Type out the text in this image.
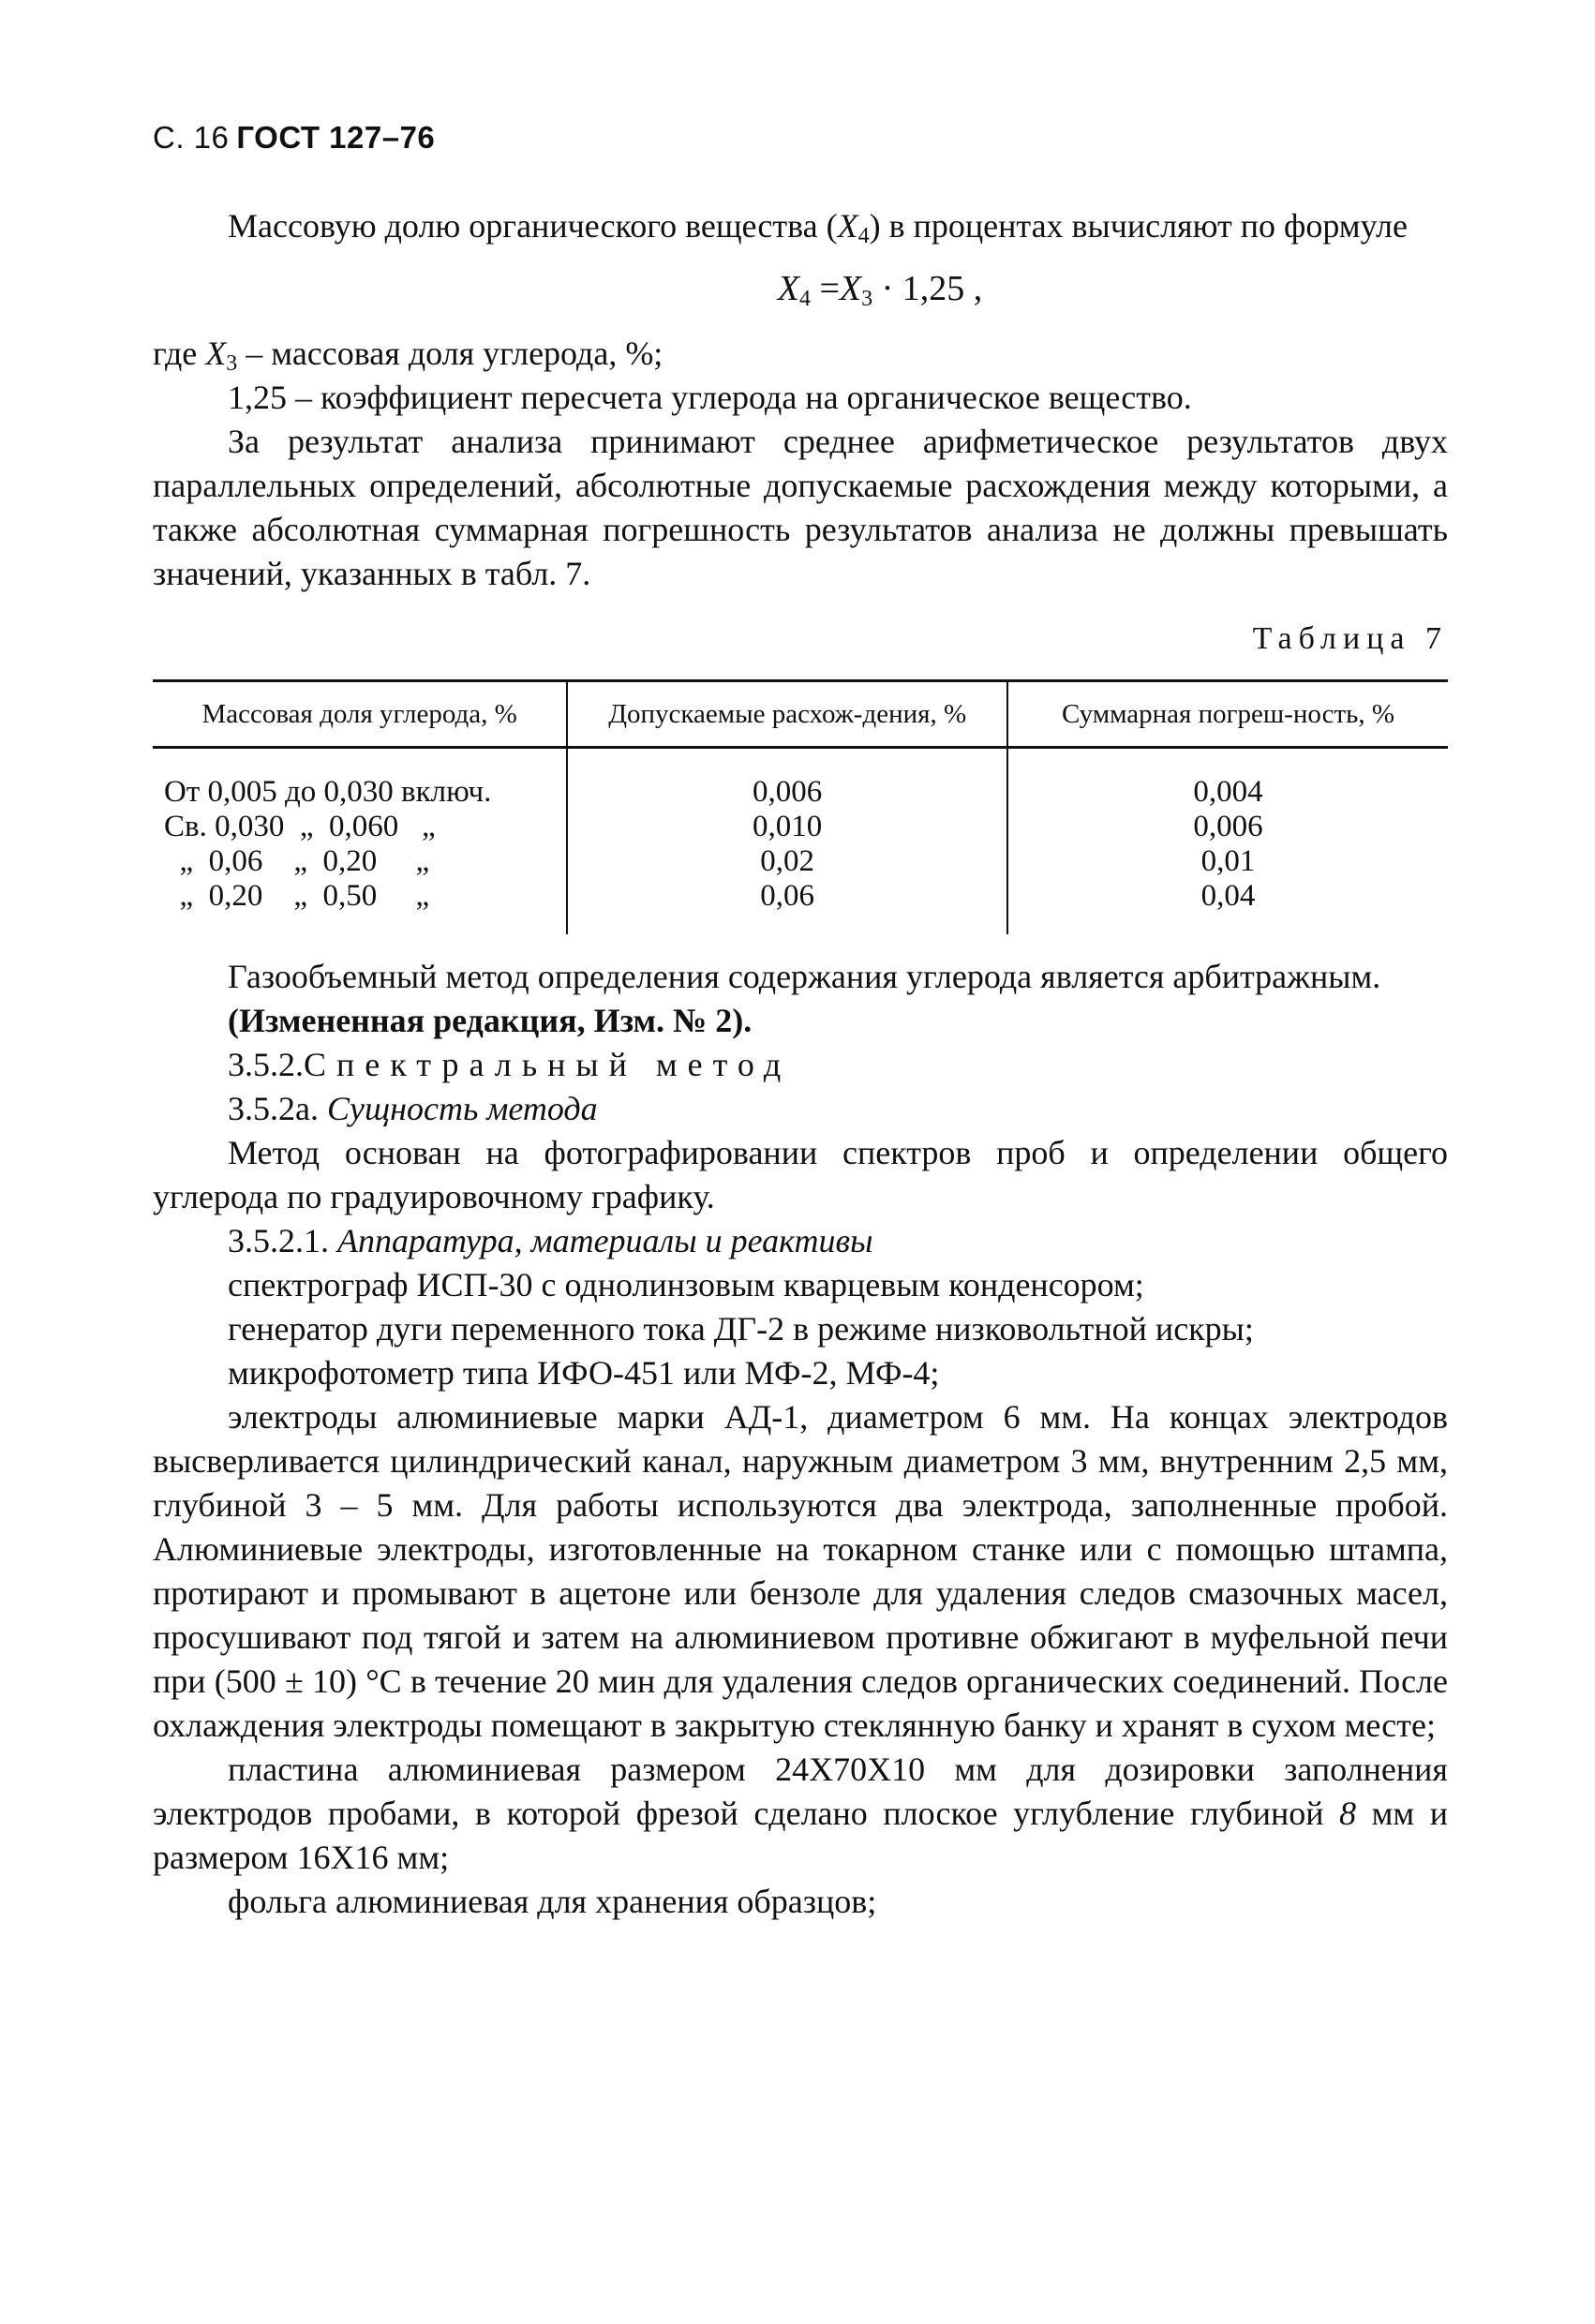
С. 16 ГОСТ 127–76

Массовую долю органического вещества $(X_4)$ в процентах вычисляют по формуле

$X_4 =X_3 \cdot 1,25$ ,

где $X_3$ – массовая доля углерода, %;

1,25 – коэффициент пересчета углерода на органическое вещество.

За результат анализа принимают среднее арифметическое результатов двух параллельных определений, абсолютные допускаемые расхождения между которыми, а также абсолютная суммарная погрешность результатов анализа не должны превышать значений, указанных в табл. 7.

Таблица 7
Массовая доля углерода, %	Допускаемые расхож-дения, %	Суммарная погреш-ность, %
От 0,005 до 0,030 включ.	0,006	0,004
Св. 0,030  „  0,060   „	0,010	0,006
„  0,06    „  0,20     „	0,02	0,01
„  0,20    „  0,50     „	0,06	0,04

Газообъемный метод определения содержания углерода является арбитражным.

(Измененная редакция, Изм. № 2).

3.5.2.Спектральный метод

3.5.2а. Сущность метода

Метод основан на фотографировании спектров проб и определении общего углерода по градуировочному графику.

3.5.2.1. Аппаратура, материалы и реактивы

спектрограф ИСП-30 с однолинзовым кварцевым конденсором;

генератор дуги переменного тока ДГ-2 в режиме низковольтной искры;

микрофотометр типа ИФО-451 или МФ-2, МФ-4;

электроды алюминиевые марки АД-1, диаметром 6 мм. На концах электродов высверливается цилиндрический канал, наружным диаметром 3 мм, внутренним 2,5 мм, глубиной 3 – 5 мм. Для работы используются два электрода, заполненные пробой. Алюминиевые электроды, изготовленные на токарном станке или с помощью штампа, протирают и промывают в ацетоне или бензоле для удаления следов смазочных масел, просушивают под тягой и затем на алюминиевом противне обжигают в муфельной печи при (500 ± 10) °С в течение 20 мин для удаления следов органических соединений. После охлаждения электроды помещают в закрытую стеклянную банку и хранят в сухом месте;

пластина алюминиевая размером 24Х70Х10 мм для дозировки заполнения электродов пробами, в которой фрезой сделано плоское углубление глубиной 8 мм и размером 16Х16 мм;

фольга алюминиевая для хранения образцов;
